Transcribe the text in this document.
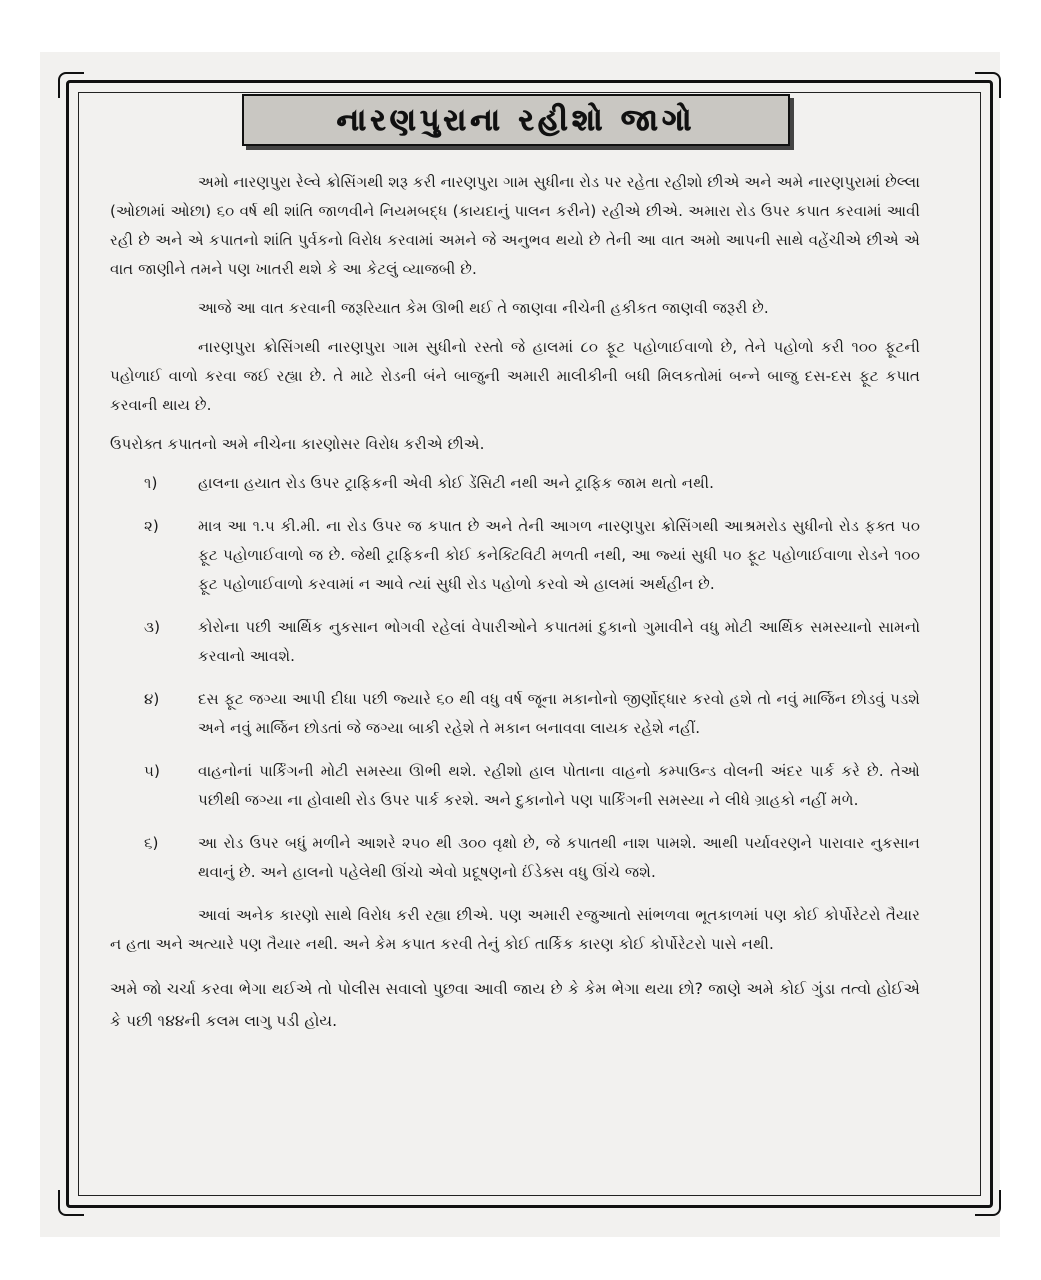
નારણપુરાના રહીશો જાગો

અમો નારણપુરા રેલ્વે ક્રોસિંગથી શરૂ કરી નારણપુરા ગામ સુધીના રોડ પર રહેતા રહીશો છીએ અને અમે નારણપુરામાં છેલ્લા (ઓછામાં ઓછા) ૬૦ વર્ષ થી શાંતિ જાળવીને નિયમબદ્ધ (કાયદાનું પાલન કરીને) રહીએ છીએ. અમારા રોડ ઉપર કપાત કરવામાં આવી રહી છે અને એ કપાતનો શાંતિ પુર્વકનો વિરોધ કરવામાં અમને જે અનુભવ થયો છે તેની આ વાત અમો આપની સાથે વહેંચીએ છીએ એ વાત જાણીને તમને પણ ખાતરી થશે કે આ કેટલું વ્યાજબી છે.

આજે આ વાત કરવાની જરૂરિયાત કેમ ઊભી થઈ તે જાણવા નીચેની હકીકત જાણવી જરૂરી છે.

નારણપુરા ક્રોસિંગથી નારણપુરા ગામ સુધીનો રસ્તો જે હાલમાં ૮૦ ફૂટ પહોળાઈવાળો છે, તેને પહોળો કરી ૧૦૦ ફૂટની પહોળાઈ વાળો કરવા જઈ રહ્યા છે. તે માટે રોડની બંને બાજુની અમારી માલીકીની બધી મિલકતોમાં બન્ને બાજુ દસ-દસ ફૂટ કપાત કરવાની થાય છે.

ઉપરોક્ત કપાતનો અમે નીચેના કારણોસર વિરોધ કરીએ છીએ.

૧)	હાલના હયાત રોડ ઉપર ટ્રાફિકની એવી કોઈ ડેંસિટી નથી અને ટ્રાફિક જામ થતો નથી.
૨)	માત્ર આ ૧.૫ કી.મી. ના રોડ ઉપર જ કપાત છે અને તેની આગળ નારણપુરા ક્રોસિંગથી આશ્રમરોડ સુધીનો રોડ ફક્ત ૫૦ ફૂટ પહોળાઈવાળો જ છે. જેથી ટ્રાફિકની કોઈ કનેક્ટિવિટી મળતી નથી, આ જ્યાં સુધી ૫૦ ફૂટ પહોળાઈવાળા રોડને ૧૦૦ ફૂટ પહોળાઈવાળો કરવામાં ન આવે ત્યાં સુધી રોડ પહોળો કરવો એ હાલમાં અર્થહીન છે.
૩)	કોરોના પછી આર્થિક નુકસાન ભોગવી રહેલાં વેપારીઓને કપાતમાં દુકાનો ગુમાવીને વધુ મોટી આર્થિક સમસ્યાનો સામનો કરવાનો આવશે.
૪)	દસ ફૂટ જગ્યા આપી દીધા પછી જ્યારે ૬૦ થી વધુ વર્ષ જૂના મકાનોનો જીર્ણોદ્ધાર કરવો હશે તો નવું માર્જિન છોડવું પડશે અને નવું માર્જિન છોડતાં જે જગ્યા બાકી રહેશે તે મકાન બનાવવા લાયક રહેશે નહીં.
૫)	વાહનોનાં પાર્કિંગની મોટી સમસ્યા ઊભી થશે. રહીશો હાલ પોતાના વાહનો કમ્પાઉન્ડ વોલની અંદર પાર્ક કરે છે. તેઓ પછીથી જગ્યા ના હોવાથી રોડ ઉપર પાર્ક કરશે. અને દુકાનોને પણ પાર્કિંગની સમસ્યા ને લીધે ગ્રાહકો નહીં મળે.
૬)	આ રોડ ઉપર બધું મળીને આશરે ૨૫૦ થી ૩૦૦ વૃક્ષો છે, જે કપાતથી નાશ પામશે. આથી પર્યાવરણને પારાવાર નુકસાન થવાનું છે. અને હાલનો પહેલેથી ઊંચો એવો પ્રદૂષણનો ઈંડેક્સ વધુ ઊંચે જશે.

આવાં અનેક કારણો સાથે વિરોધ કરી રહ્યા છીએ. પણ અમારી રજુઆતો સાંભળવા ભૂતકાળમાં પણ કોઈ કોર્પોરેટરો તૈયાર ન હતા અને અત્યારે પણ તૈયાર નથી. અને કેમ કપાત કરવી તેનું કોઈ તાર્કિક કારણ કોઈ કોર્પોરેટરો પાસે નથી.

અમે જો ચર્ચા કરવા ભેગા થઈએ તો પોલીસ સવાલો પુછવા આવી જાય છે કે કેમ ભેગા થયા છો? જાણે અમે કોઈ ગુંડા તત્વો હોઈએ કે પછી ૧૪૪ની કલમ લાગુ પડી હોય.
